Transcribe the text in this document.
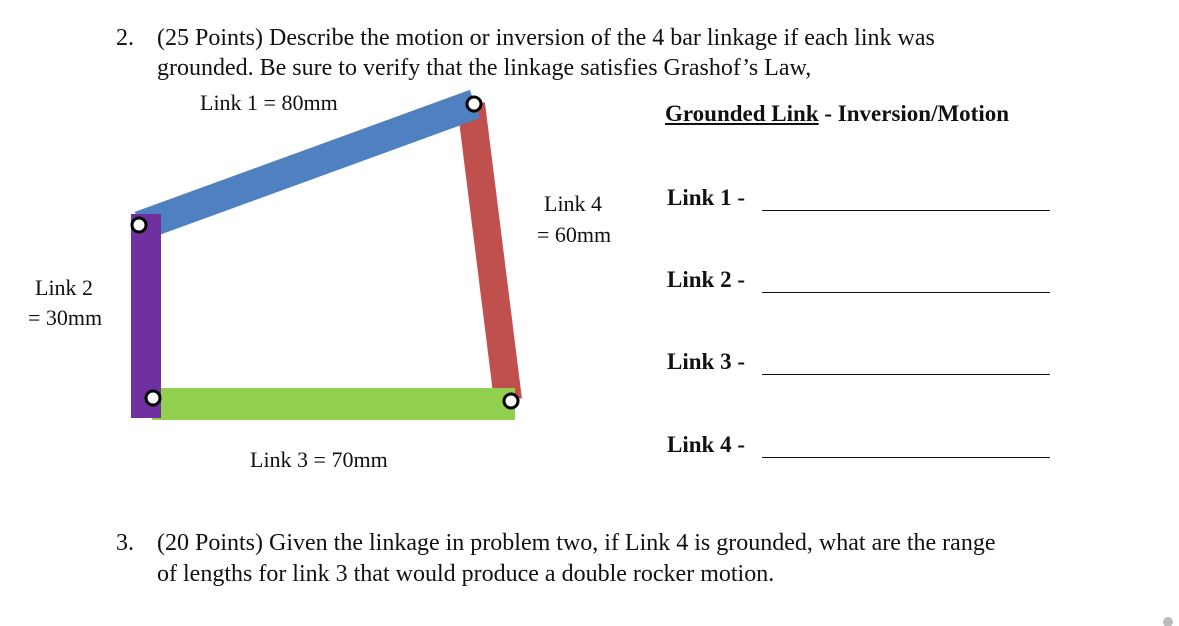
2. (25 Points) Describe the motion or inversion of the 4 bar linkage if each link was
grounded. Be sure to verify that the linkage satisfies Grashof’s Law,
Link 1 = 80mm
Link 2
= 30mm
Link 4
= 60mm
Link 3 = 70mm
Grounded Link - Inversion/Motion
Link 1 -
Link 2 -
Link 3 -
Link 4 -
3. (20 Points) Given the linkage in problem two, if Link 4 is grounded, what are the range
of lengths for link 3 that would produce a double rocker motion.
